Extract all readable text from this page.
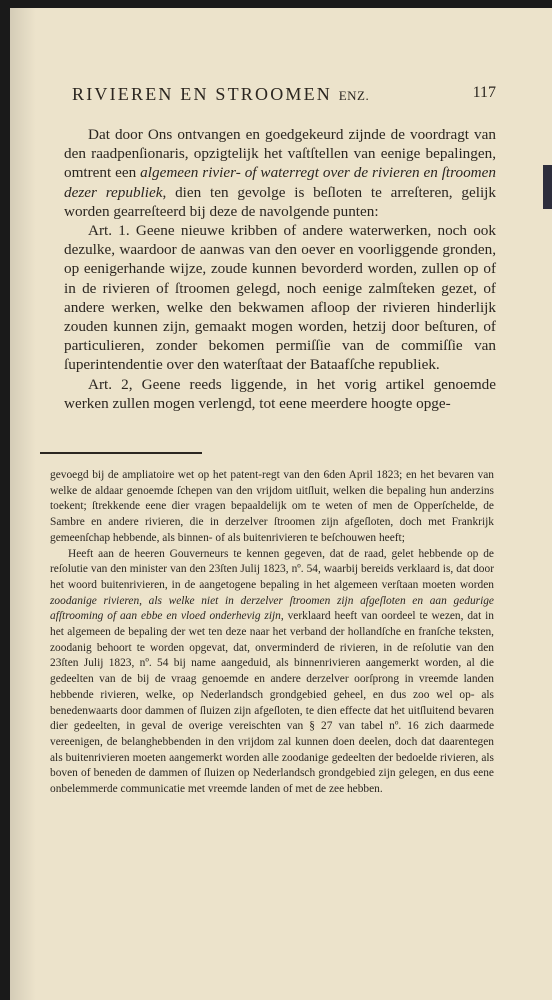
RIVIEREN EN STROOMEN ENZ.	117

Dat door Ons ontvangen en goedgekeurd zijnde de voordragt van den raadpenſionaris, opzigtelijk het vaſtſtellen van eenige bepalingen, omtrent een algemeen rivier- of waterregt over de rivieren en ſtroomen dezer republiek, dien ten gevolge is beſloten te arreſteren, gelijk worden gearreſteerd bij deze de navolgende punten:

Art. 1. Geene nieuwe kribben of andere waterwerken, noch ook dezulke, waardoor de aanwas van den oever en voorliggende gronden, op eenigerhande wijze, zoude kunnen bevorderd worden, zullen op of in de rivieren of ſtroomen gelegd, noch eenige zalmſteken gezet, of andere werken, welke den bekwamen afloop der rivieren hinderlijk zouden kunnen zijn, gemaakt mogen worden, hetzij door beſturen, of particulieren, zonder bekomen permiſſie van de commiſſie van ſuperintendentie over den waterſtaat der Bataafſche republiek.

Art. 2, Geene reeds liggende, in het vorig artikel genoemde werken zullen mogen verlengd, tot eene meerdere hoogte opge-

gevoegd bij de ampliatoire wet op het patent-regt van den 6den April 1823; en het bevaren van welke de aldaar genoemde ſchepen van den vrijdom uitſluit, welken die bepaling hun anderzins toekent; ſtrekkende eene dier vragen bepaaldelijk om te weten of men de Opperſchelde, de Sambre en andere rivieren, die in derzelver ſtroomen zijn afgeſloten, doch met Frankrijk gemeenſchap hebbende, als binnen- of als buitenrivieren te beſchouwen heeft;

Heeft aan de heeren Gouverneurs te kennen gegeven, dat de raad, gelet hebbende op de reſolutie van den minister van den 23ſten Julij 1823, nº. 54, waarbij bereids verklaard is, dat door het woord buitenrivieren, in de aangetogene bepaling in het algemeen verſtaan moeten worden zoodanige rivieren, als welke niet in derzelver ſtroomen zijn afgeſloten en aan gedurige afſtrooming of aan ebbe en vloed onderhevig zijn, verklaard heeft van oordeel te wezen, dat in het algemeen de bepaling der wet ten deze naar het verband der hollandſche en franſche teksten, zoodanig behoort te worden opgevat, dat, onverminderd de rivieren, in de reſolutie van den 23ſten Julij 1823, nº. 54 bij name aangeduid, als binnenrivieren aangemerkt worden, al die gedeelten van de bij de vraag genoemde en andere derzelver oorſprong in vreemde landen hebbende rivieren, welke, op Nederlandsch grondgebied geheel, en dus zoo wel op- als benedenwaarts door dammen of ſluizen zijn afgeſloten, te dien effecte dat het uitſluitend bevaren dier gedeelten, in geval de overige vereischten van § 27 van tabel nº. 16 zich daarmede vereenigen, de belanghebbenden in den vrijdom zal kunnen doen deelen, doch dat daarentegen als buitenrivieren moeten aangemerkt worden alle zoodanige gedeelten der bedoelde rivieren, als boven of beneden de dammen of ſluizen op Nederlandsch grondgebied zijn gelegen, en dus eene onbelemmerde communicatie met vreemde landen of met de zee hebben.
